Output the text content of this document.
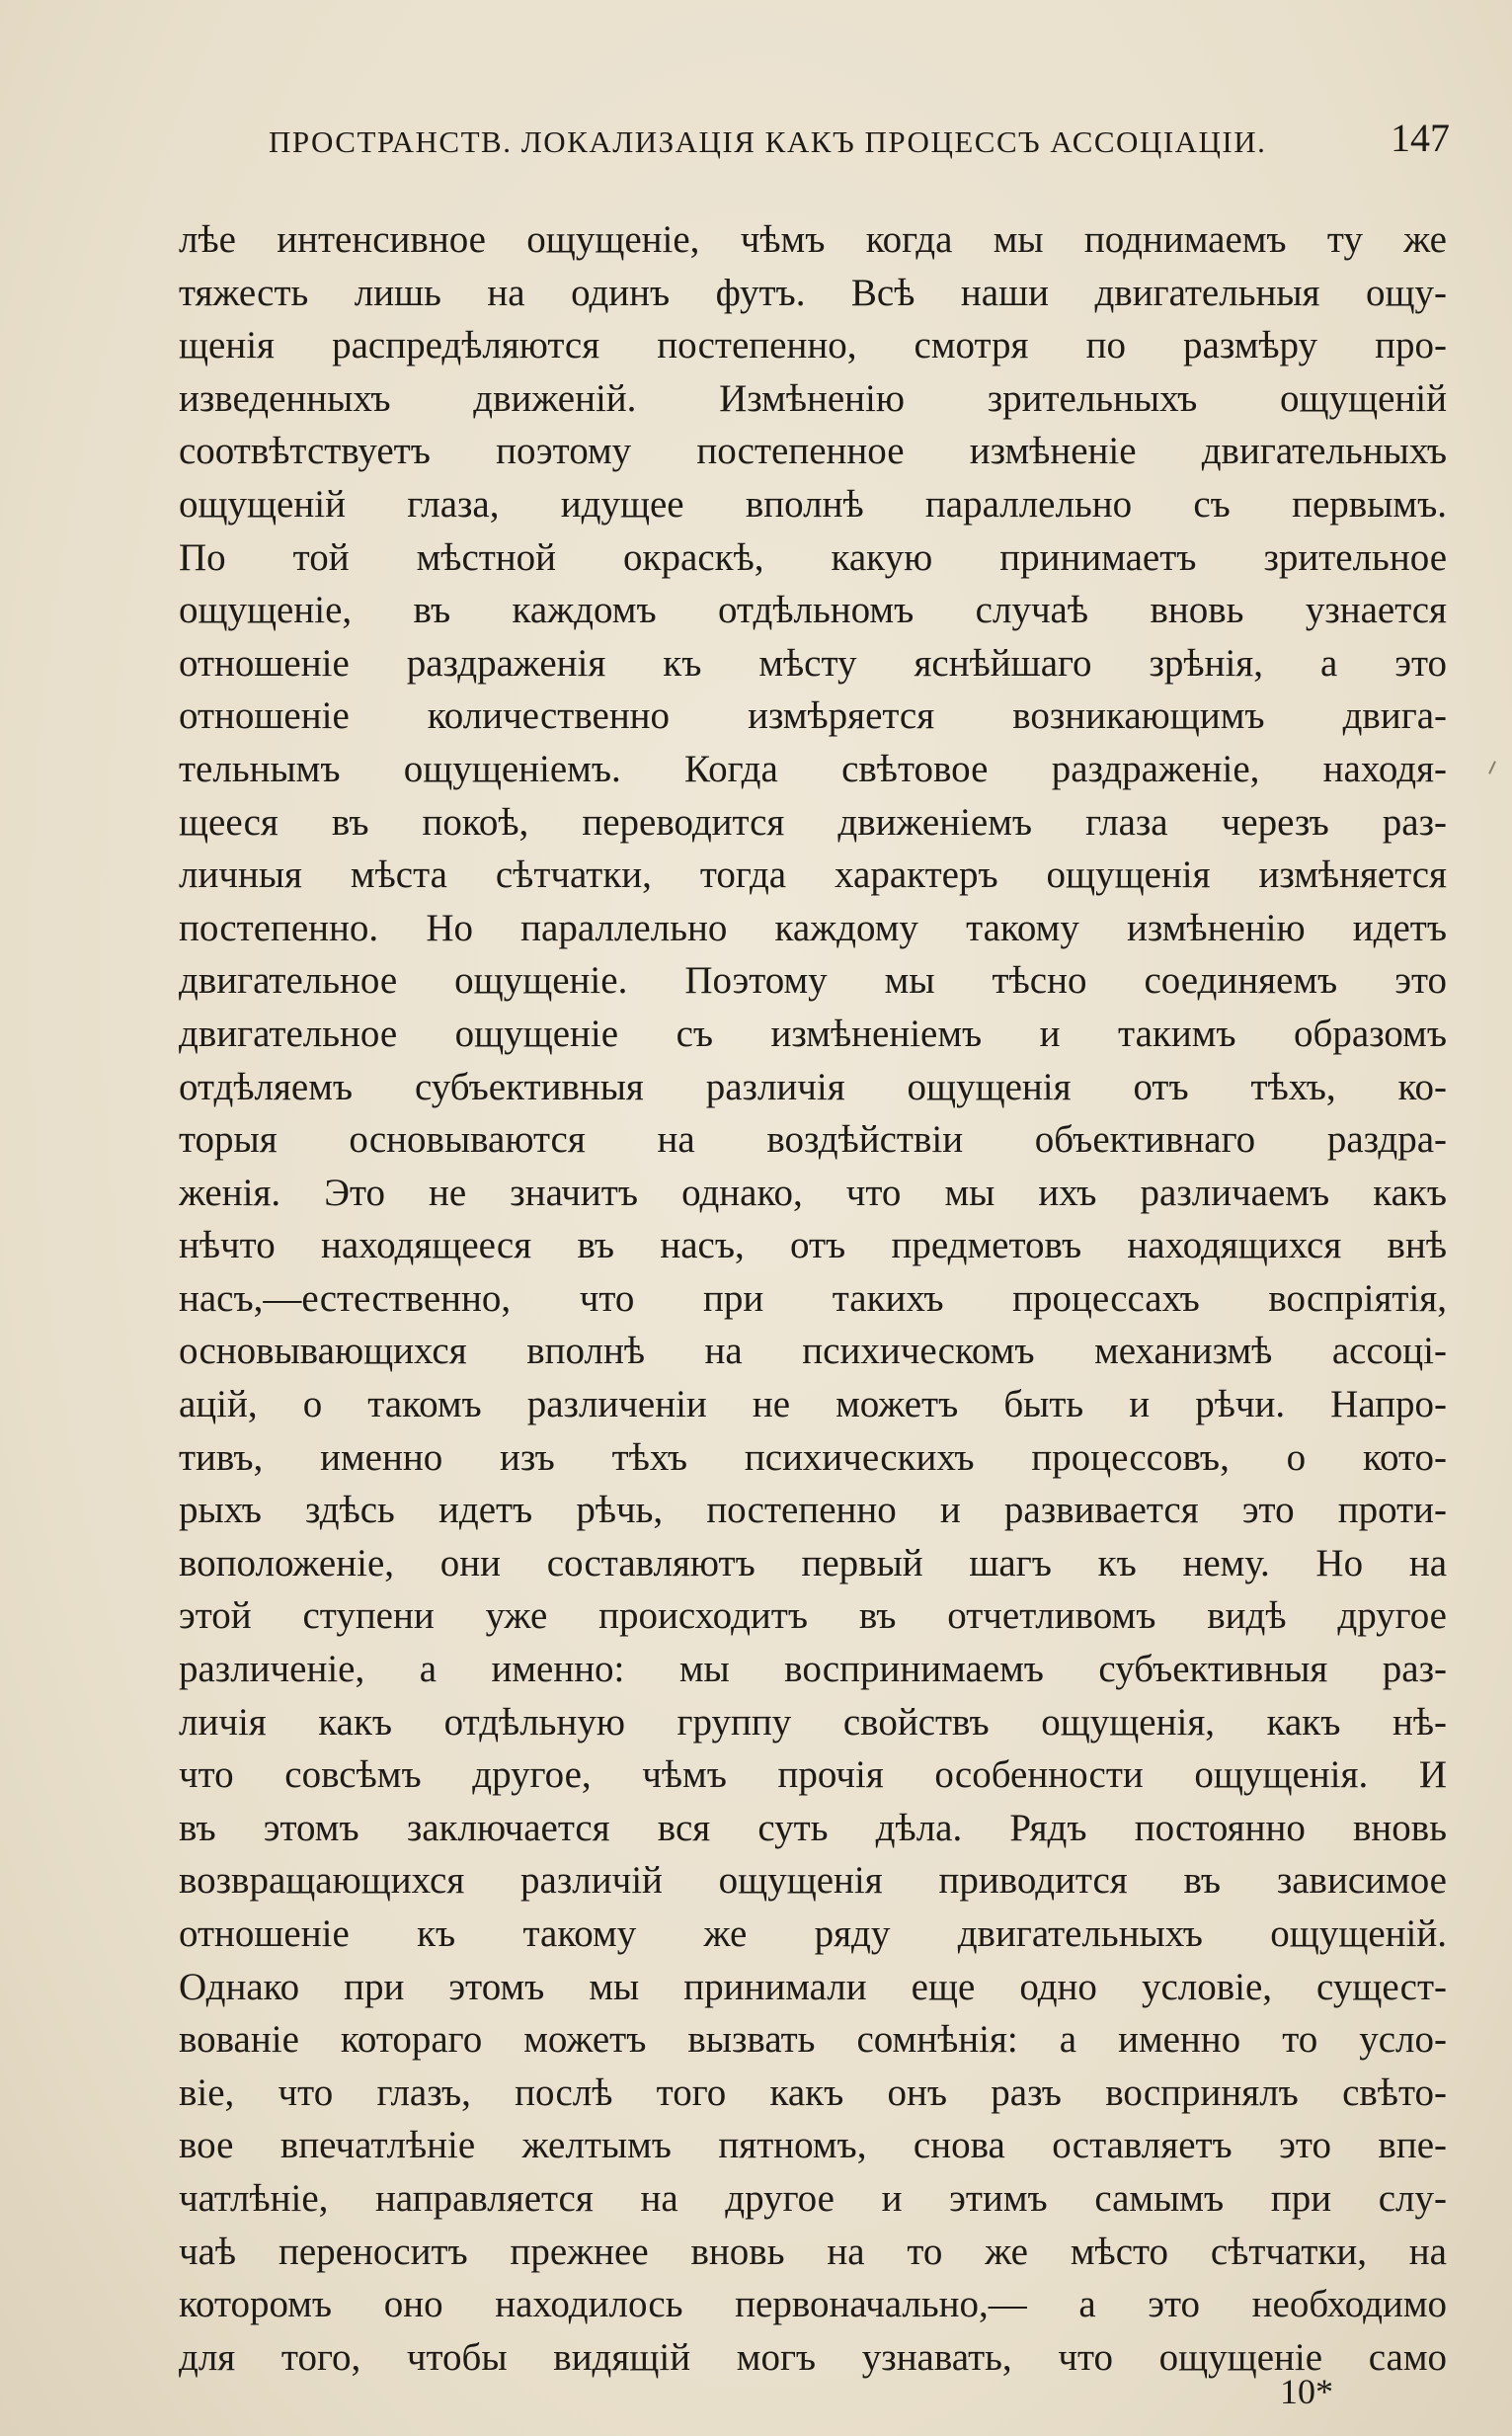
ПРОСТРАНСТВ. ЛОКАЛИЗАЦІЯ КАКЪ ПРОЦЕССЪ АССОЦІАЦІИ.	147
лѣе интенсивное ощущеніе, чѣмъ когда мы поднимаемъ ту же
тяжесть лишь на одинъ футъ. Всѣ наши двигательныя ощу-
щенія распредѣляются постепенно, смотря по размѣру про-
изведенныхъ движеній. Измѣненію зрительныхъ ощущеній
соотвѣтствуетъ поэтому постепенное измѣненіе двигательныхъ
ощущеній глаза, идущее вполнѣ параллельно съ первымъ.
По той мѣстной окраскѣ, какую принимаетъ зрительное
ощущеніе, въ каждомъ отдѣльномъ случаѣ вновь узнается
отношеніе раздраженія къ мѣсту яснѣйшаго зрѣнія, а это
отношеніе количественно измѣряется возникающимъ двига-
тельнымъ ощущеніемъ. Когда свѣтовое раздраженіе, находя-
щееся въ покоѣ, переводится движеніемъ глаза черезъ раз-
личныя мѣста сѣтчатки, тогда характеръ ощущенія измѣняется
постепенно. Но параллельно каждому такому измѣненію идетъ
двигательное ощущеніе. Поэтому мы тѣсно соединяемъ это
двигательное ощущеніе съ измѣненіемъ и такимъ образомъ
отдѣляемъ субъективныя различія ощущенія отъ тѣхъ, ко-
торыя основываются на воздѣйствіи объективнаго раздра-
женія. Это не значитъ однако, что мы ихъ различаемъ какъ
нѣчто находящееся въ насъ, отъ предметовъ находящихся внѣ
насъ,—естественно, что при такихъ процессахъ воспріятія,
основывающихся вполнѣ на психическомъ механизмѣ ассоці-
ацій, о такомъ различеніи не можетъ быть и рѣчи. Напро-
тивъ, именно изъ тѣхъ психическихъ процессовъ, о кото-
рыхъ здѣсь идетъ рѣчь, постепенно и развивается это проти-
воположеніе, они составляютъ первый шагъ къ нему. Но на
этой ступени уже происходитъ въ отчетливомъ видѣ другое
различеніе, а именно: мы воспринимаемъ субъективныя раз-
личія какъ отдѣльную группу свойствъ ощущенія, какъ нѣ-
что совсѣмъ другое, чѣмъ прочія особенности ощущенія. И
въ этомъ заключается вся суть дѣла. Рядъ постоянно вновь
возвращающихся различій ощущенія приводится въ зависимое
отношеніе къ такому же ряду двигательныхъ ощущеній.
Однако при этомъ мы принимали еще одно условіе, сущест-
вованіе котораго можетъ вызвать сомнѣнія: а именно то усло-
віе, что глазъ, послѣ того какъ онъ разъ воспринялъ свѣто-
вое впечатлѣніе желтымъ пятномъ, снова оставляетъ это впе-
чатлѣніе, направляется на другое и этимъ самымъ при слу-
чаѣ переноситъ прежнее вновь на то же мѣсто сѣтчатки, на
которомъ оно находилось первоначально,— а это необходимо
для того, чтобы видящій могъ узнавать, что ощущеніе само
10*
